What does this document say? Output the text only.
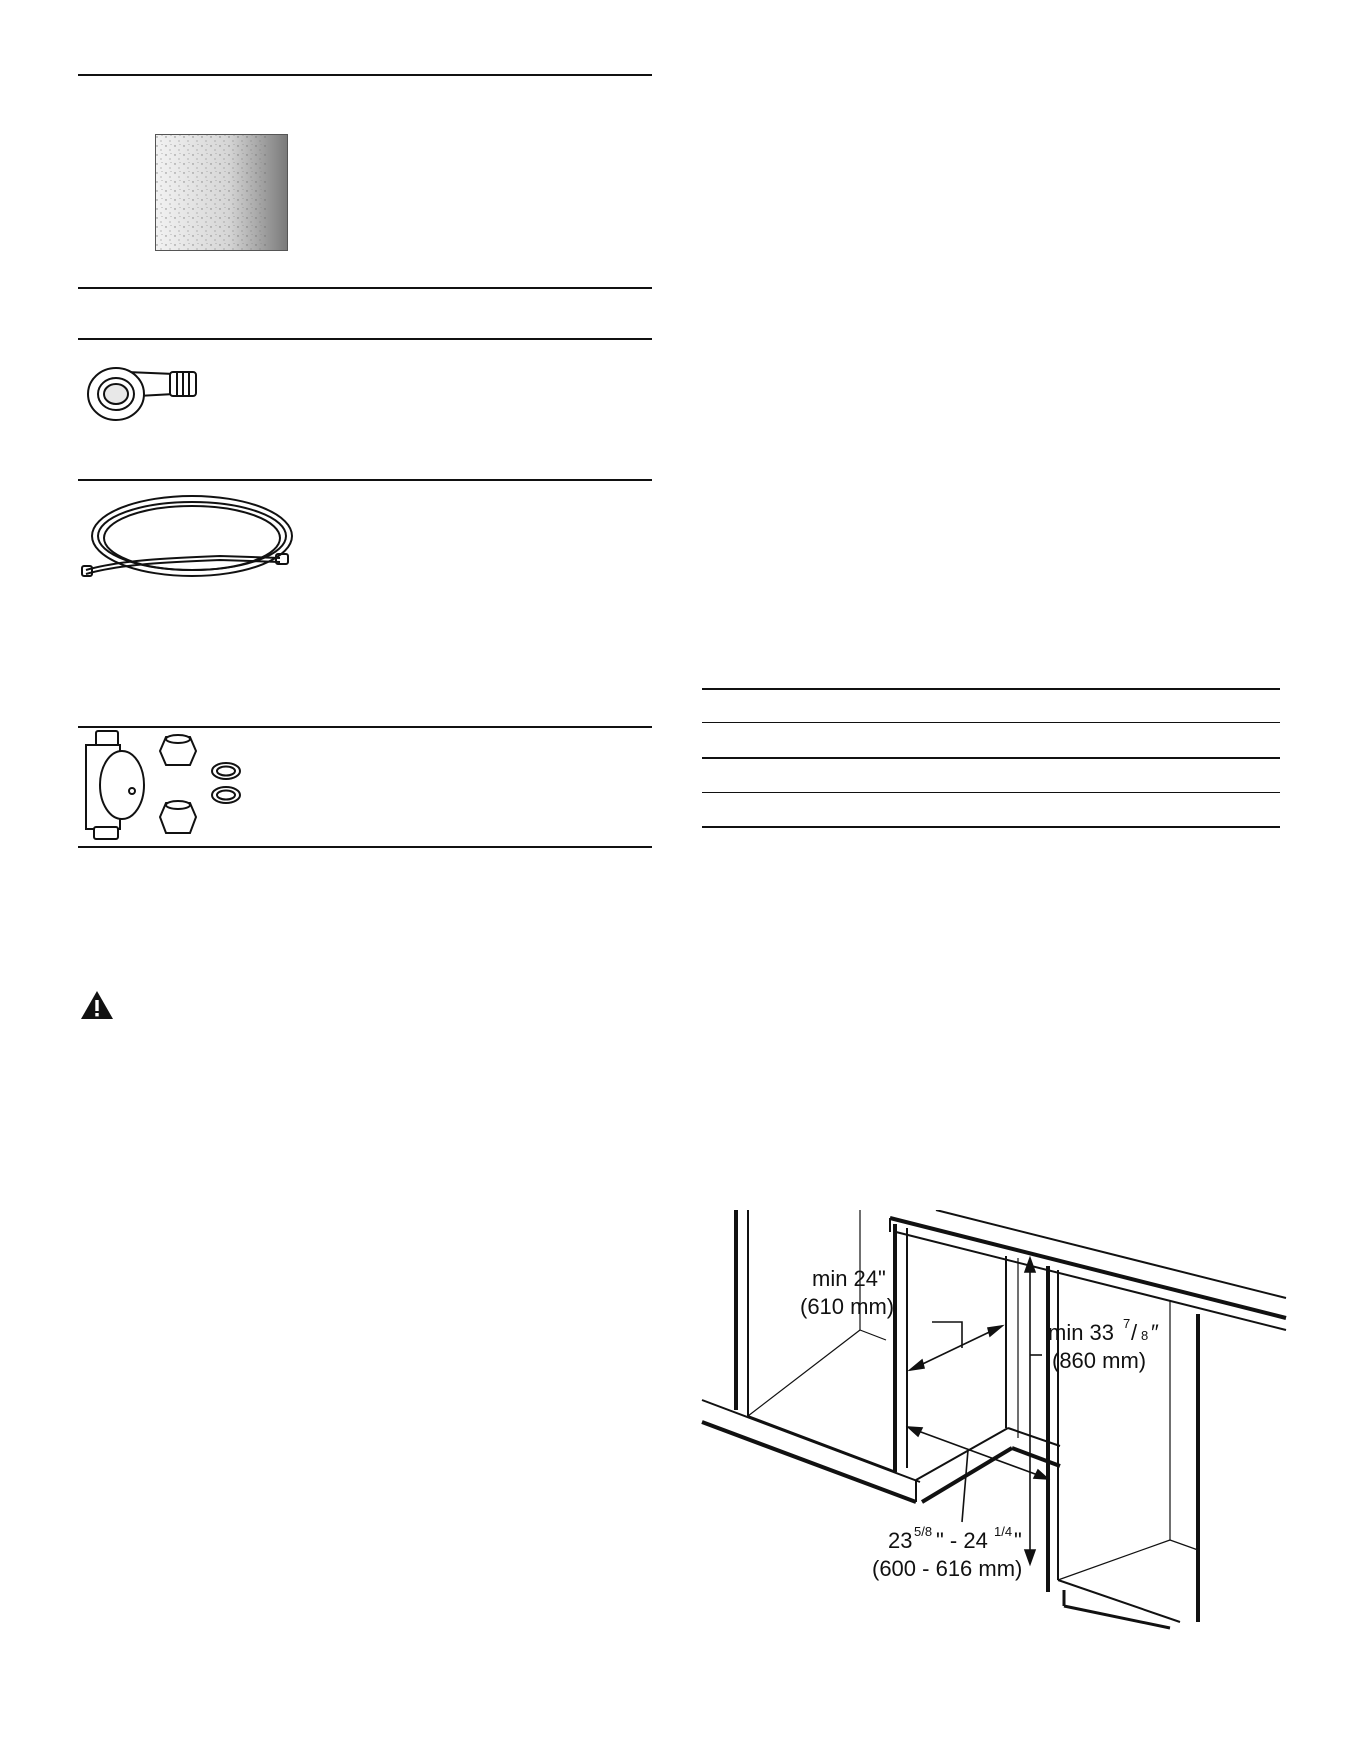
min 24"
(610 mm)
min 33 7 / 8 ″
(860 mm)
23 5/8 " - 24 1/4 "
(600 - 616 mm)
